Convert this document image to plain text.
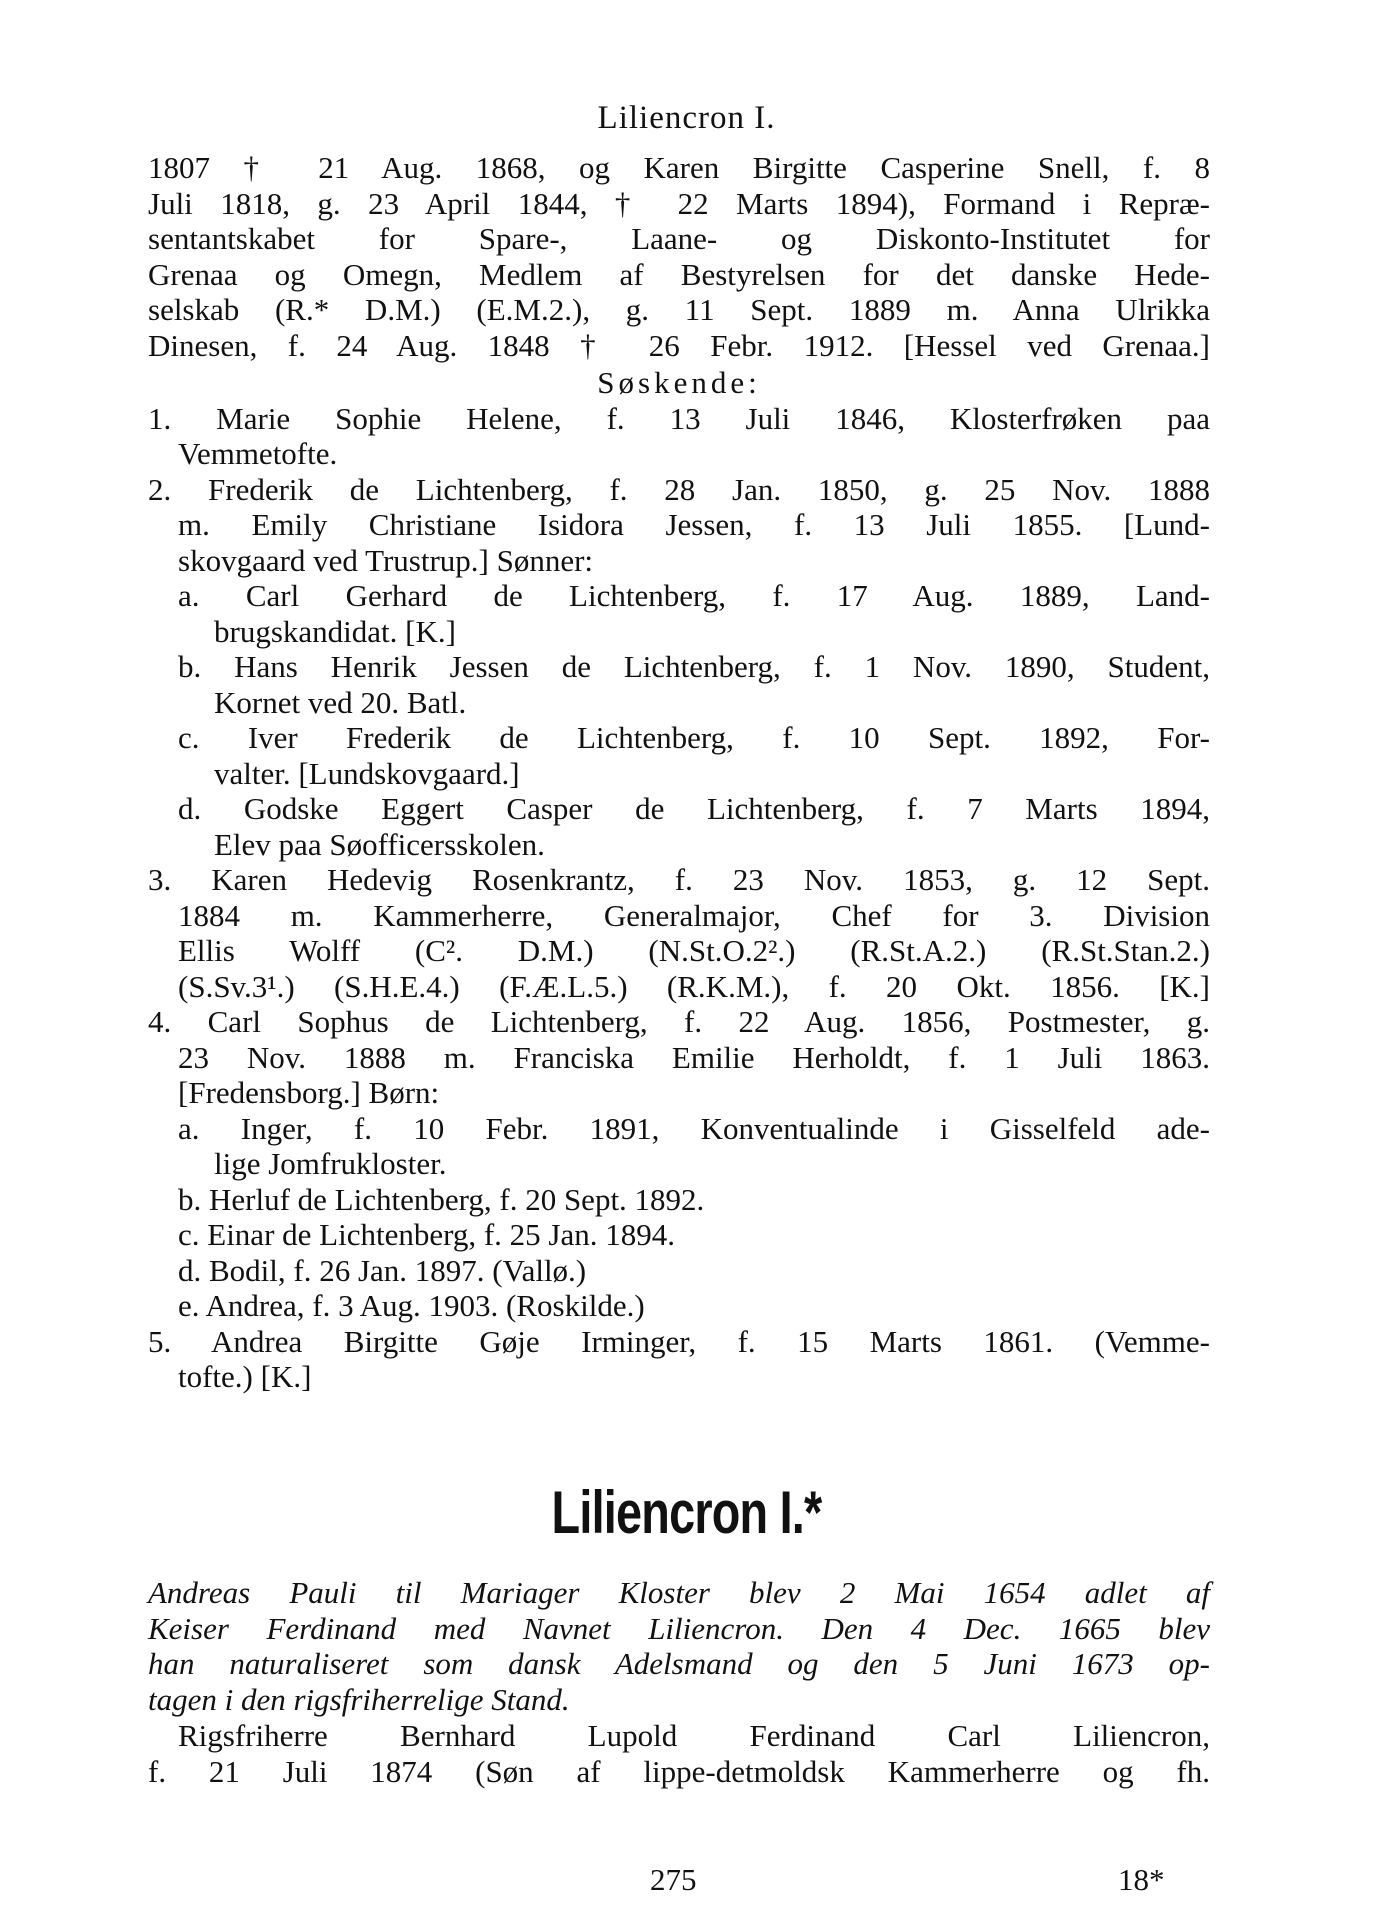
Liliencron I.
1807 † 21 Aug. 1868, og Karen Birgitte Casperine Snell, f. 8
Juli 1818, g. 23 April 1844, † 22 Marts 1894), Formand i Repræ-
sentantskabet for Spare-, Laane- og Diskonto-Institutet for
Grenaa og Omegn, Medlem af Bestyrelsen for det danske Hede-
selskab (R.* D.M.) (E.M.2.), g. 11 Sept. 1889 m. Anna Ulrikka
Dinesen, f. 24 Aug. 1848 † 26 Febr. 1912. [Hessel ved Grenaa.]
Søskende:
1. Marie Sophie Helene, f. 13 Juli 1846, Klosterfrøken paa
Vemmetofte.
2. Frederik de Lichtenberg, f. 28 Jan. 1850, g. 25 Nov. 1888
m. Emily Christiane Isidora Jessen, f. 13 Juli 1855. [Lund-
skovgaard ved Trustrup.] Sønner:
a. Carl Gerhard de Lichtenberg, f. 17 Aug. 1889, Land-
brugskandidat. [K.]
b. Hans Henrik Jessen de Lichtenberg, f. 1 Nov. 1890, Student,
Kornet ved 20. Batl.
c. Iver Frederik de Lichtenberg, f. 10 Sept. 1892, For-
valter. [Lundskovgaard.]
d. Godske Eggert Casper de Lichtenberg, f. 7 Marts 1894,
Elev paa Søofficersskolen.
3. Karen Hedevig Rosenkrantz, f. 23 Nov. 1853, g. 12 Sept.
1884 m. Kammerherre, Generalmajor, Chef for 3. Division
Ellis Wolff (C². D.M.) (N.St.O.2².) (R.St.A.2.) (R.St.Stan.2.)
(S.Sv.3¹.) (S.H.E.4.) (F.Æ.L.5.) (R.K.M.), f. 20 Okt. 1856. [K.]
4. Carl Sophus de Lichtenberg, f. 22 Aug. 1856, Postmester, g.
23 Nov. 1888 m. Franciska Emilie Herholdt, f. 1 Juli 1863.
[Fredensborg.] Børn:
a. Inger, f. 10 Febr. 1891, Konventualinde i Gisselfeld ade-
lige Jomfrukloster.
b. Herluf de Lichtenberg, f. 20 Sept. 1892.
c. Einar de Lichtenberg, f. 25 Jan. 1894.
d. Bodil, f. 26 Jan. 1897. (Vallø.)
e. Andrea, f. 3 Aug. 1903. (Roskilde.)
5. Andrea Birgitte Gøje Irminger, f. 15 Marts 1861. (Vemme-
tofte.) [K.]
Liliencron I.*
Andreas Pauli til Mariager Kloster blev 2 Mai 1654 adlet af
Keiser Ferdinand med Navnet Liliencron. Den 4 Dec. 1665 blev
han naturaliseret som dansk Adelsmand og den 5 Juni 1673 op-
tagen i den rigsfriherrelige Stand.
Rigsfriherre Bernhard Lupold Ferdinand Carl Liliencron,
f. 21 Juli 1874 (Søn af lippe-detmoldsk Kammerherre og fh.
275	18*
